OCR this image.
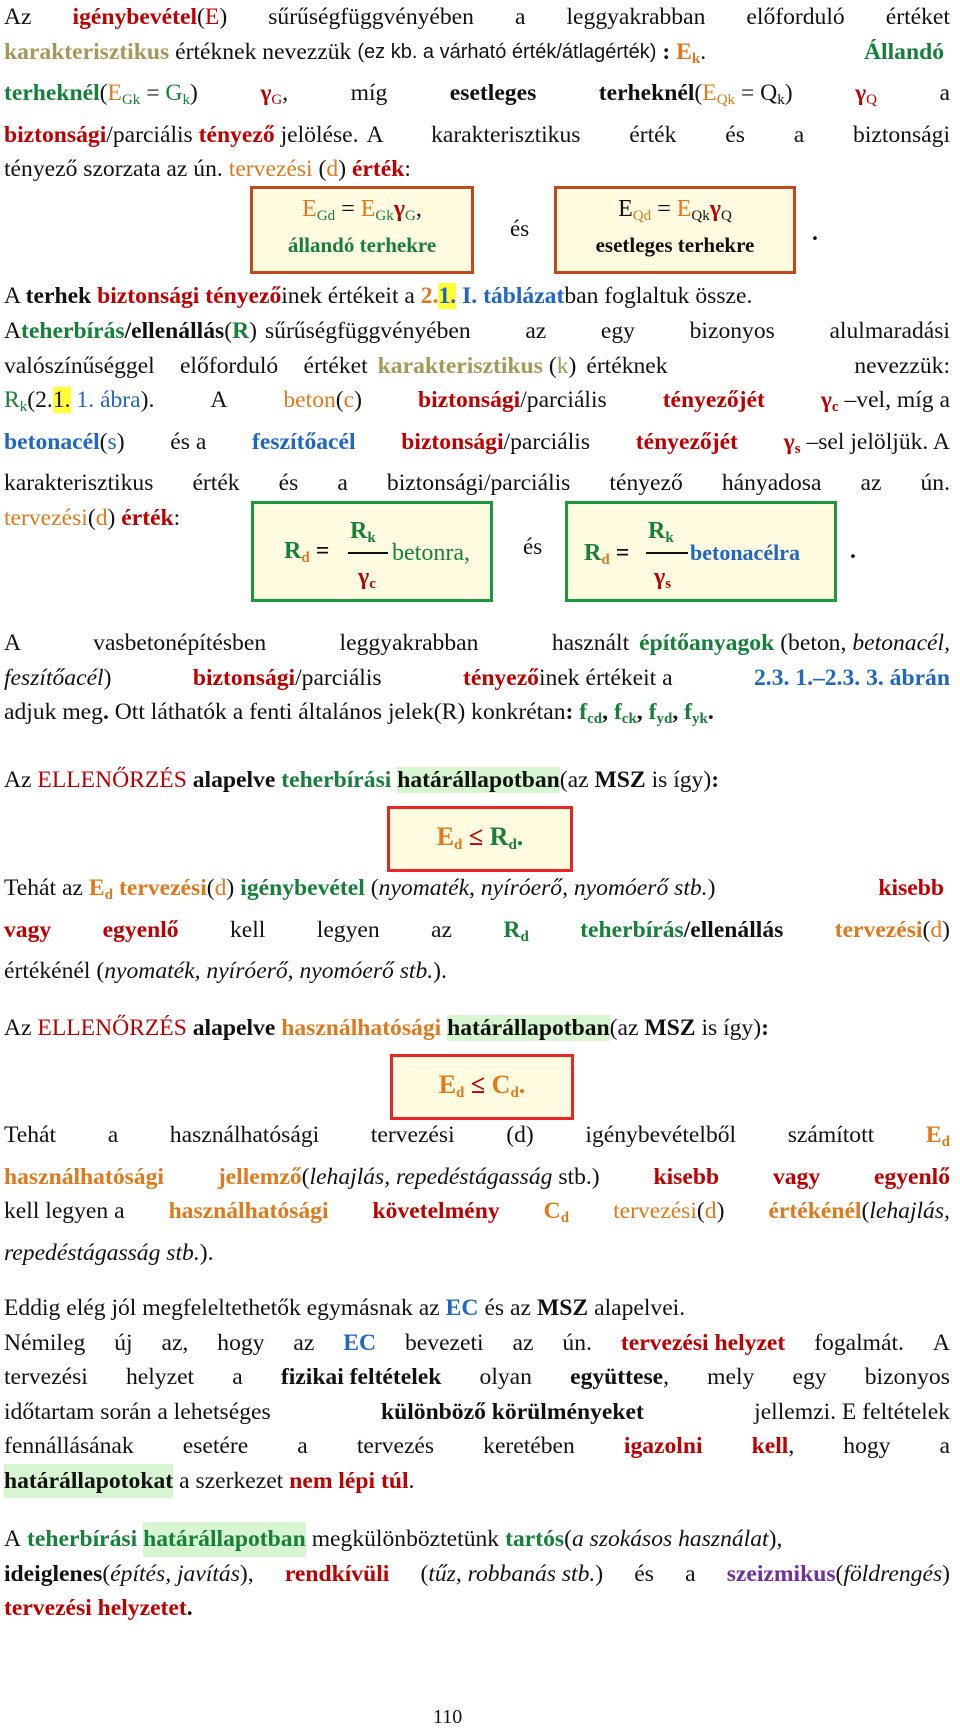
Az igénybevétel(E) sűrűségfüggvényében a leggyakrabban előforduló értéket
karakterisztikus értéknek nevezzük (ez kb. a várható érték/átlagérték) : Ek.	Állandó
terheknél(EGk = Gk)	γG,	míg	esetleges	terheknél(EQk = Qk)	γQ	a
biztonsági/parciális tényező jelölése. A karakterisztikus érték és a biztonsági
tényező szorzata az ún. tervezési (d) érték:
EGd = EGkγG,
állandó terhekre
és
EQd = EQkγQ
esetleges terhekre	.
A terhek biztonsági tényezőinek értékeit a 2.1. I. táblázatban foglaltuk össze.
A teherbírás/ellenállás(R) sűrűségfüggvényében az egy bizonyos alulmaradási
valószínűséggel előforduló értéket karakterisztikus (k) értéknek nevezzük:
Rk(2.1. 1. ábra). A beton(c) biztonsági/parciális tényezőjét γc –vel, míg a
betonacél(s) és a feszítőacél biztonsági/parciális tényezőjét γs –sel jelöljük. A
karakterisztikus érték és a biztonsági/parciális tényező hányadosa az ún.
tervezési(d) érték:
Rd =
Rk
γc
betonra, és Rd =
Rk
γs
betonacélra .
A vasbetonépítésben leggyakrabban használt építőanyagok (beton, betonacél,
feszítőacél)	biztonsági/parciális	tényezőinek értékeit a	2.3. 1.–2.3. 3. ábrán
adjuk meg. Ott láthatók a fenti általános jelek(R) konkrétan: fcd, fck, fyd, fyk.
Az ELLENŐRZÉS alapelve teherbírási határállapotban(az MSZ is így):
Ed ≤ Rd.
Tehát az Ed tervezési(d) igénybevétel (nyomaték, nyíróerő, nyomóerő stb.)	kisebb
vagy egyenlő kell legyen az Rd teherbírás/ellenállás tervezési(d)
értékénél (nyomaték, nyíróerő, nyomóerő stb.).
Az ELLENŐRZÉS alapelve használhatósági határállapotban(az MSZ is így):
Ed ≤ Cd.
Tehát a használhatósági tervezési (d) igénybevételből számított Ed
használhatósági jellemző(lehajlás, repedéstágasság stb.) kisebb vagy egyenlő
kell legyen a használhatósági követelmény Cd tervezési(d) értékénél(lehajlás,
repedéstágasság stb.).
Eddig elég jól megfeleltethetők egymásnak az EC és az MSZ alapelvei.
Némileg új az, hogy az EC bevezeti az ún. tervezési helyzet fogalmát. A
tervezési helyzet a fizikai feltételek olyan együttese, mely egy bizonyos
időtartam során a lehetséges	különböző körülményeket	jellemzi. E feltételek
fennállásának esetére a tervezés keretében igazolni kell, hogy a
határállapotokat a szerkezet nem lépi túl.
A teherbírási határállapotban megkülönböztetünk tartós(a szokásos használat),
ideiglenes(építés, javítás), rendkívüli (tűz, robbanás stb.) és a szeizmikus(földrengés)
tervezési helyzetet.
110
